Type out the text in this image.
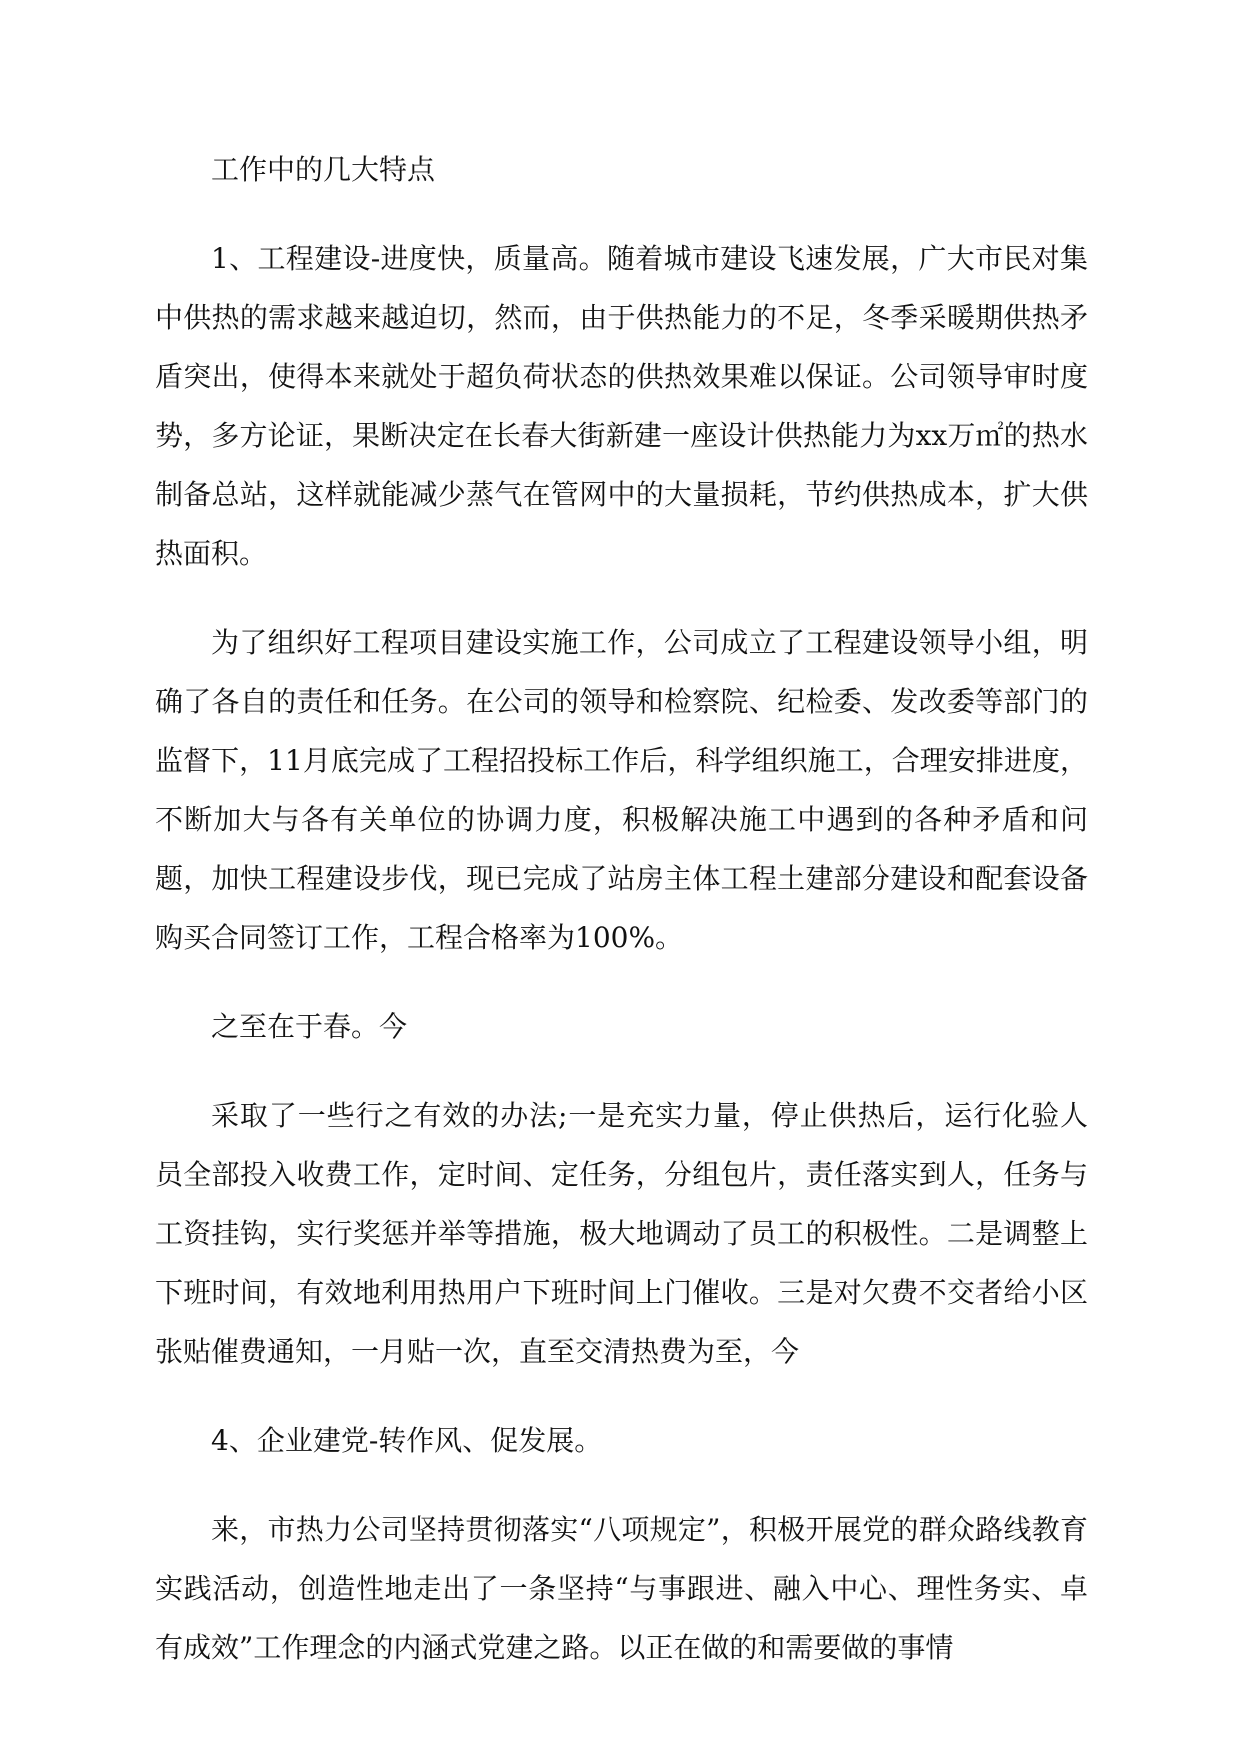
工作中的几大特点

1、工程建设-进度快，质量高。随着城市建设飞速发展，广大市民对集中供热的需求越来越迫切，然而，由于供热能力的不足，冬季采暖期供热矛盾突出，使得本来就处于超负荷状态的供热效果难以保证。公司领导审时度势，多方论证，果断决定在长春大街新建一座设计供热能力为xx万㎡的热水制备总站，这样就能减少蒸气在管网中的大量损耗，节约供热成本，扩大供热面积。

为了组织好工程项目建设实施工作，公司成立了工程建设领导小组，明确了各自的责任和任务。在公司的领导和检察院、纪检委、发改委等部门的监督下，11月底完成了工程招投标工作后，科学组织施工，合理安排进度，不断加大与各有关单位的协调力度，积极解决施工中遇到的各种矛盾和问题，加快工程建设步伐，现已完成了站房主体工程土建部分建设和配套设备购买合同签订工作，工程合格率为100%。

之至在于春。今

采取了一些行之有效的办法;一是充实力量，停止供热后，运行化验人员全部投入收费工作，定时间、定任务，分组包片，责任落实到人，任务与工资挂钩，实行奖惩并举等措施，极大地调动了员工的积极性。二是调整上下班时间，有效地利用热用户下班时间上门催收。三是对欠费不交者给小区张贴催费通知，一月贴一次，直至交清热费为至，今

4、企业建党-转作风、促发展。

来，市热力公司坚持贯彻落实“八项规定”，积极开展党的群众路线教育实践活动，创造性地走出了一条坚持“与事跟进、融入中心、理性务实、卓有成效”工作理念的内涵式党建之路。以正在做的和需要做的事情
